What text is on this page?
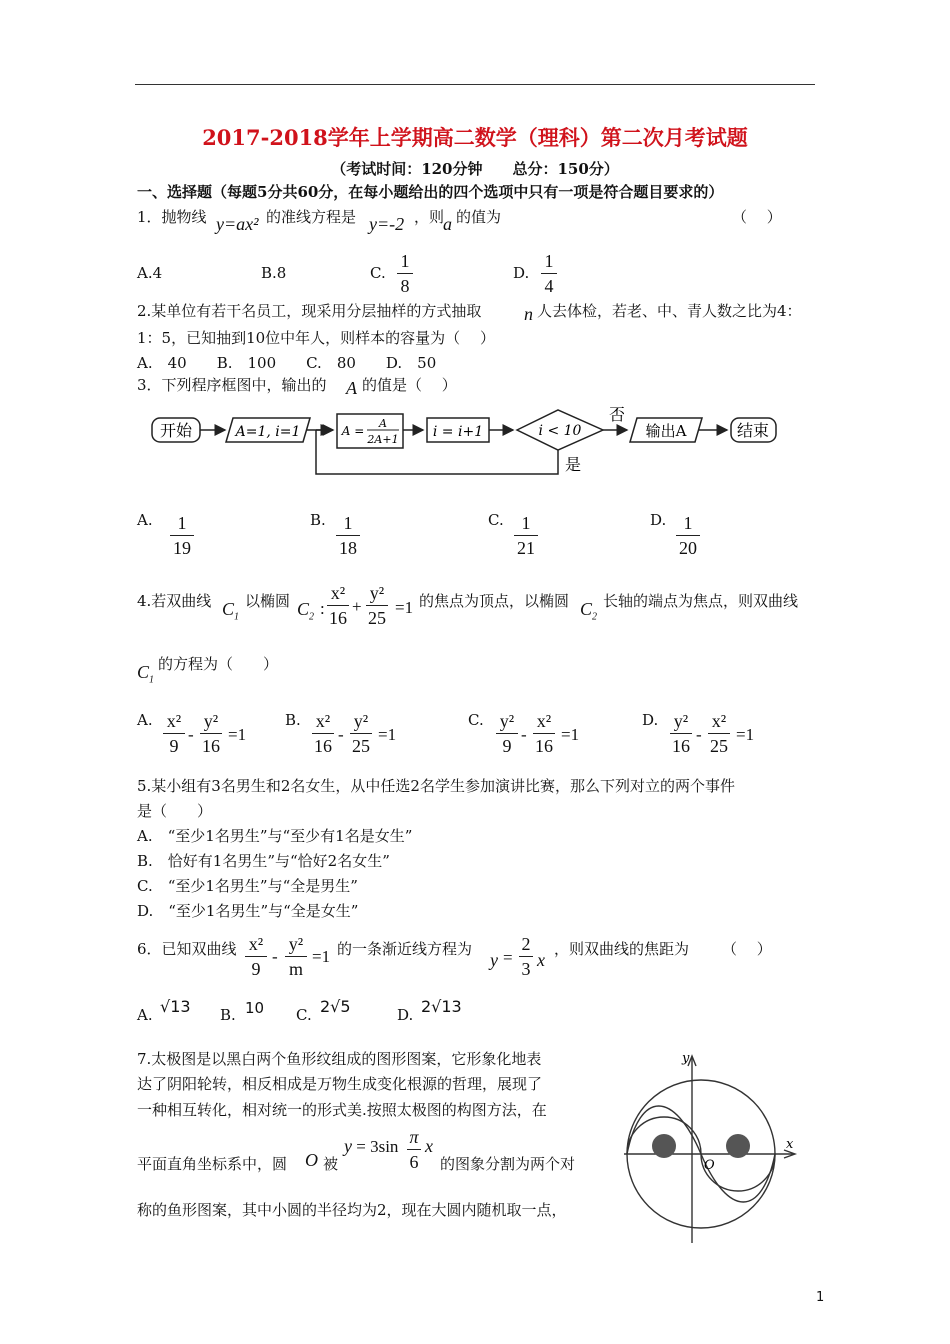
2017-2018学年上学期高二数学（理科）第二次月考试题
（考试时间：120分钟　　总分：150分）
一、选择题（每题5分共60分，在每小题给出的四个选项中只有一项是符合题目要求的）
1．抛物线 y=ax² 的准线方程是 y=-2 ，则
a 的值为	（　 ）
A.4	B.8	C.
1
8
D.
1
4
2.某单位有若干名员工，现采用分层抽样的方式抽取 n 人去体检，若老、中、青人数之比为4：
1：5，已知抽到10位中年人，则样本的容量为（　 ）
A.　40　　B.　100　　C.　80　　D.　50
3．下列程序框图中，输出的 A 的值是（　 ）
开始	A=1, i=1	A =
A
2A+1 i = i+1	i < 10
否
是
输出A	结束
A.	1
19
B. 1
18
C. 1
21
D. 1
20
4.若双曲线 $C_1$
以椭圆 $C_2$ :
x²
16
+
y²
25
=1 的焦点为顶点，以椭圆 $C_2$
长轴的端点为焦点，则双曲线
$C_1$
的方程为（　　）
A. x²
9
-
y²
16
=1
B. x²
16
-
y²
25
=1
C. y²
9
-
x²
16
=1
D. y²
16
-
x²
25
=1
5.某小组有3名男生和2名女生，从中任选2名学生参加演讲比赛，那么下列对立的两个事件
是（　　）
A.　“至少1名男生”与“至少有1名是女生”
B.　恰好有1名男生”与“恰好2名女生”
C.　“至少1名男生”与“全是男生”
D.　“至少1名男生”与“全是女生”
6．已知双曲线 x²
9
-
y²
m
=1 的一条渐近线方程为
y =
2
3 x
，则双曲线的焦距为 （　 ）
A. √13 B. 10 C. 2√5	D. 2√13
7.太极图是以黑白两个鱼形纹组成的图形图案，它形象化地表
达了阴阳轮转，相反相成是万物生成变化根源的哲理，展现了
一种相互转化，相对统一的形式美.按照太极图的构图方法，在
平面直角坐标系中，圆 O 被
y = 3sin π
6
x
的图象分割为两个对
称的鱼形图案，其中小圆的半径均为2，现在大圆内随机取一点，
y
x
O
1
